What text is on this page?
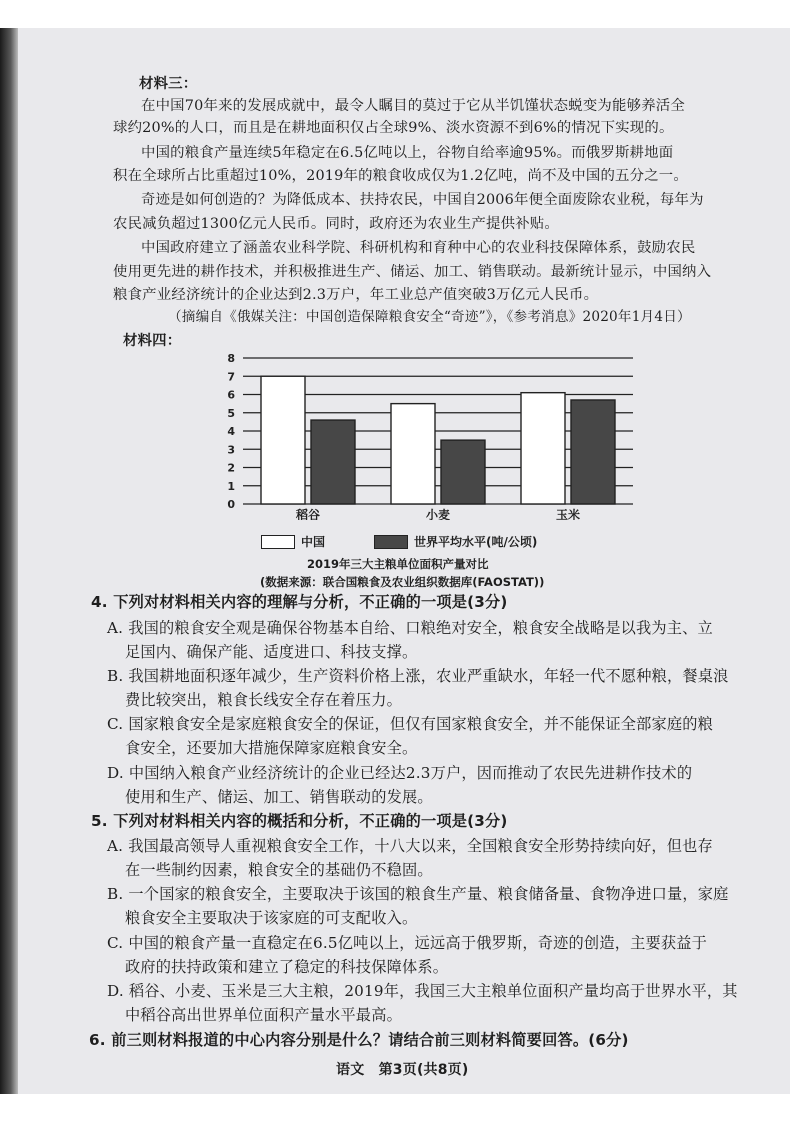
材料三：
在中国70年来的发展成就中，最令人瞩目的莫过于它从半饥馑状态蜕变为能够养活全
球约20%的人口，而且是在耕地面积仅占全球9%、淡水资源不到6%的情况下实现的。
中国的粮食产量连续5年稳定在6.5亿吨以上，谷物自给率逾95%。而俄罗斯耕地面
积在全球所占比重超过10%，2019年的粮食收成仅为1.2亿吨，尚不及中国的五分之一。
奇迹是如何创造的？为降低成本、扶持农民，中国自2006年便全面废除农业税，每年为
农民减负超过1300亿元人民币。同时，政府还为农业生产提供补贴。
中国政府建立了涵盖农业科学院、科研机构和育种中心的农业科技保障体系，鼓励农民
使用更先进的耕作技术，并积极推进生产、储运、加工、销售联动。最新统计显示，中国纳入
粮食产业经济统计的企业达到2.3万户，年工业总产值突破3万亿元人民币。
（摘编自《俄媒关注：中国创造保障粮食安全“奇迹”》，《参考消息》2020年1月4日）
材料四：
0
1
2
3
4
5
6
7
8
稻谷	小麦	玉米
中国	世界平均水平(吨/公顷)
2019年三大主粮单位面积产量对比
(数据来源：联合国粮食及农业组织数据库(FAOSTAT))
4. 下列对材料相关内容的理解与分析，不正确的一项是(3分)
A. 我国的粮食安全观是确保谷物基本自给、口粮绝对安全，粮食安全战略是以我为主、立
足国内、确保产能、适度进口、科技支撑。
B. 我国耕地面积逐年减少，生产资料价格上涨，农业严重缺水，年轻一代不愿种粮，餐桌浪
费比较突出，粮食长线安全存在着压力。
C. 国家粮食安全是家庭粮食安全的保证，但仅有国家粮食安全，并不能保证全部家庭的粮
食安全，还要加大措施保障家庭粮食安全。
D. 中国纳入粮食产业经济统计的企业已经达2.3万户，因而推动了农民先进耕作技术的
使用和生产、储运、加工、销售联动的发展。
5. 下列对材料相关内容的概括和分析，不正确的一项是(3分)
A. 我国最高领导人重视粮食安全工作，十八大以来，全国粮食安全形势持续向好，但也存
在一些制约因素，粮食安全的基础仍不稳固。
B. 一个国家的粮食安全，主要取决于该国的粮食生产量、粮食储备量、食物净进口量，家庭
粮食安全主要取决于该家庭的可支配收入。
C. 中国的粮食产量一直稳定在6.5亿吨以上，远远高于俄罗斯，奇迹的创造，主要获益于
政府的扶持政策和建立了稳定的科技保障体系。
D. 稻谷、小麦、玉米是三大主粮，2019年，我国三大主粮单位面积产量均高于世界水平，其
中稻谷高出世界单位面积产量水平最高。
6. 前三则材料报道的中心内容分别是什么？请结合前三则材料简要回答。(6分)
语文　第3页(共8页)
